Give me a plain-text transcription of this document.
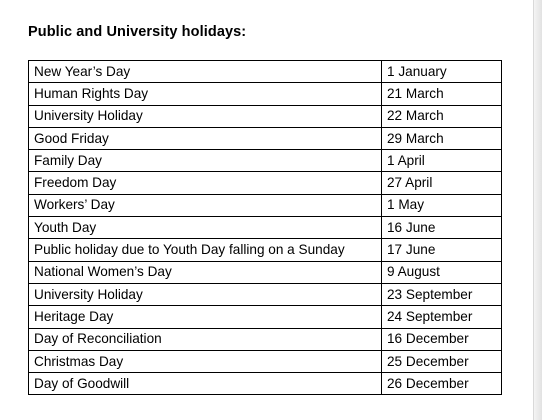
Public and University holidays:
New Year’s Day	1 January
Human Rights Day	21 March
University Holiday	22 March
Good Friday	29 March
Family Day	1 April
Freedom Day	27 April
Workers’ Day	1 May
Youth Day	16 June
Public holiday due to Youth Day falling on a Sunday	17 June
National Women’s Day	9 August
University Holiday	23 September
Heritage Day	24 September
Day of Reconciliation	16 December
Christmas Day	25 December
Day of Goodwill	26 December
